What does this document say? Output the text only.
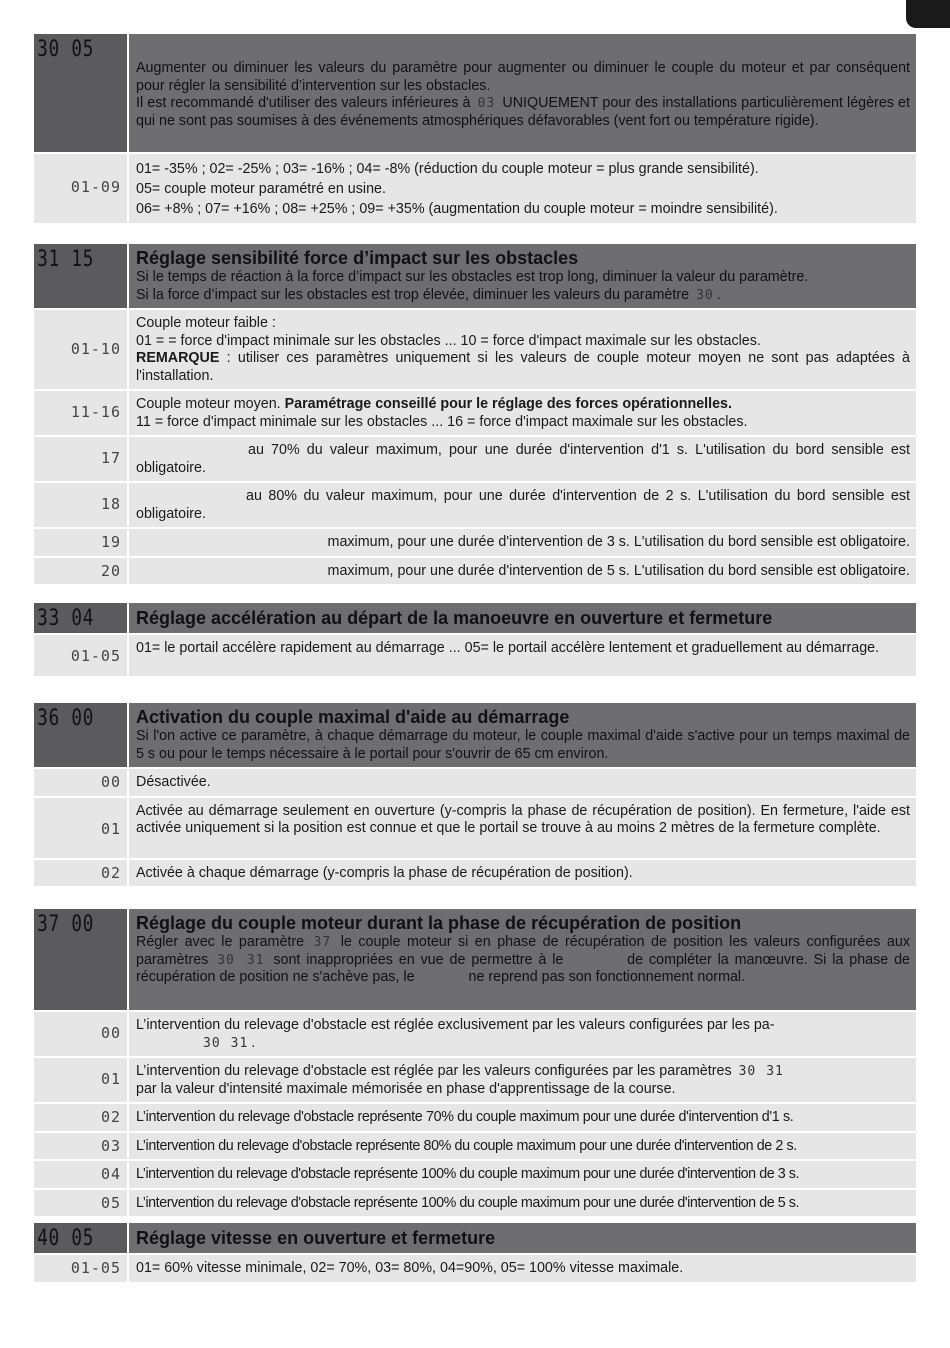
30 05	Augmenter ou diminuer les valeurs du paramètre pour augmenter ou diminuer le couple du moteur et par conséquent pour régler la sensibilité d’intervention sur les obstacles.
Il est recommandé d'utiliser des valeurs inférieures à 03 UNIQUEMENT pour des installations particulièrement légères et qui ne sont pas soumises à des événements atmosphériques défavorables (vent fort ou température rigide).

01-09	01= -35% ; 02= -25% ; 03= -16% ; 04= -8% (réduction du couple moteur = plus grande sensibilité).
05= couple moteur paramétré en usine.
06= +8% ; 07= +16% ; 08= +25% ; 09= +35% (augmentation du couple moteur = moindre sensibilité).
31 15	Réglage sensibilité force d’impact sur les obstacles
Si le temps de réaction à la force d’impact sur les obstacles est trop long, diminuer la valeur du paramètre.
Si la force d’impact sur les obstacles est trop élevée, diminuer les valeurs du paramètre 30 .

01-10	Couple moteur faible :
01 = = force d'impact minimale sur les obstacles ... 10 = force d'impact maximale sur les obstacles.
REMARQUE : utiliser ces paramètres uniquement si les valeurs de couple moteur moyen ne sont pas adaptées à l'installation.

11-16	Couple moteur moyen. Paramétrage conseillé pour le réglage des forces opérationnelles.
11 = force d'impact minimale sur les obstacles ... 16 = force d'impact maximale sur les obstacles.

17	au 70% du valeur maximum, pour une durée d'intervention d'1 s. L'utilisation du bord sensible est obligatoire.

18	au 80% du valeur maximum, pour une durée d'intervention de 2 s. L'utilisation du bord sensible est obligatoire.

19	maximum, pour une durée d'intervention de 3 s. L'utilisation du bord sensible est obligatoire.

20	maximum, pour une durée d'intervention de 5 s. L'utilisation du bord sensible est obligatoire.
33 04	Réglage accélération au départ de la manoeuvre en ouverture et fermeture

01-05	01= le portail accélère rapidement au démarrage ... 05= le portail accélère lentement et graduellement au démarrage.
36 00	Activation du couple maximal d'aide au démarrage
Si l'on active ce paramètre, à chaque démarrage du moteur, le couple maximal d'aide s'active pour un temps maximal de 5 s ou pour le temps nécessaire à le portail pour s'ouvrir de 65 cm environ.

00	Désactivée.

01	Activée au démarrage seulement en ouverture (y-compris la phase de récupération de position). En fermeture, l'aide est activée uniquement si la position est connue et que le portail se trouve à au moins 2 mètres de la fermeture complète.

02	Activée à chaque démarrage (y-compris la phase de récupération de position).
37 00	Réglage du couple moteur durant la phase de récupération de position
Régler avec le paramètre 37 le couple moteur si en phase de récupération de position les valeurs configurées aux paramètres 30 31 sont inappropriées en vue de permettre à le de compléter la manœuvre. Si la phase de récupération de position ne s'achève pas, le ne reprend pas son fonctionnement normal.

00	L’intervention du relevage d'obstacle est réglée exclusivement par les valeurs configurées par les pa-
30 31 .

01	L’intervention du relevage d'obstacle est réglée par les valeurs configurées par les paramètres 30 31
par la valeur d'intensité maximale mémorisée en phase d'apprentissage de la course.

02	L’intervention du relevage d'obstacle représente 70% du couple maximum pour une durée d'intervention d'1 s.

03	L’intervention du relevage d'obstacle représente 80% du couple maximum pour une durée d'intervention de 2 s.

04	L’intervention du relevage d'obstacle représente 100% du couple maximum pour une durée d'intervention de 3 s.

05	L’intervention du relevage d'obstacle représente 100% du couple maximum pour une durée d'intervention de 5 s.
40 05	Réglage vitesse en ouverture et fermeture

01-05	01= 60% vitesse minimale, 02= 70%, 03= 80%, 04=90%, 05= 100% vitesse maximale.
